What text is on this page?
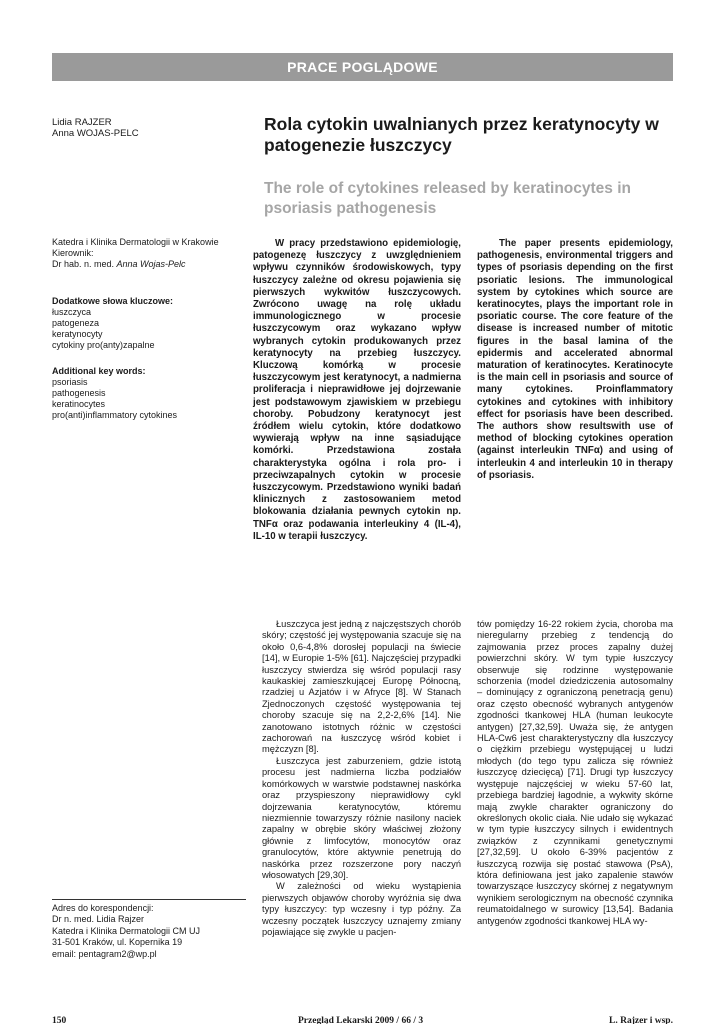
PRACE POGLĄDOWE
Lidia RAJZER
Anna WOJAS-PELC	Rola cytokin uwalnianych przez keratynocyty w patogenezie łuszczycy
The role of cytokines released by keratinocytes in psoriasis pathogenesis
Katedra i Klinika Dermatologii w Krakowie
Kierownik:
Dr hab. n. med. Anna Wojas-Pelc
Dodatkowe słowa kluczowe:
łuszczyca
patogeneza
keratynocyty
cytokiny pro(anty)zapalne
Additional key words:
psoriasis
pathogenesis
keratinocytes
pro(anti)inflammatory cytokines

W pracy przedstawiono epidemiologię, patogenezę łuszczycy z uwzględnieniem wpływu czynników środowiskowych, typy łuszczycy zależne od okresu pojawienia się pierwszych wykwitów łuszczycowych. Zwrócono uwagę na rolę układu immunologicznego w procesie łuszczycowym oraz wykazano wpływ wybranych cytokin produkowanych przez keratynocyty na przebieg łuszczycy. Kluczową komórką w procesie łuszczycowym jest keratynocyt, a nadmierna proliferacja i nieprawidłowe jej dojrzewanie jest podstawowym zjawiskiem w przebiegu choroby. Pobudzony keratynocyt jest źródłem wielu cytokin, które dodatkowo wywierają wpływ na inne sąsiadujące komórki. Przedstawiona została charakterystyka ogólna i rola pro- i przeciwzapalnych cytokin w procesie łuszczycowym. Przedstawiono wyniki badań klinicznych z zastosowaniem metod blokowania działania pewnych cytokin np. TNFα oraz podawania interleukiny 4 (IL-4), IL-10 w terapii łuszczycy.

The paper presents epidemiology, pathogenesis, environmental triggers and types of psoriasis depending on the first psoriatic lesions. The immunological system by cytokines which source are keratinocytes, plays the important role in psoriatic course. The core feature of the disease is increased number of mitotic figures in the basal lamina of the epidermis and accelerated abnormal maturation of keratinocytes. Keratinocyte is the main cell in psoriasis and source of many cytokines. Proinflammatory cytokines and cytokines with inhibitory effect for psoriasis have been described. The authors show resultswith use of method of blocking cytokines operation (against interleukin TNFα) and using of interleukin 4 and interleukin 10 in therapy of psoriasis.

Łuszczyca jest jedną z najczęstszych chorób skóry; częstość jej występowania szacuje się na około 0,6-4,8% dorosłej populacji na świecie [14], w Europie 1-5% [61]. Najczęściej przypadki łuszczycy stwierdza się wśród populacji rasy kaukaskiej zamieszkującej Europę Północną, rzadziej u Azjatów i w Afryce [8]. W Stanach Zjednoczonych częstość występowania tej choroby szacuje się na 2,2-2,6% [14]. Nie zanotowano istotnych różnic w częstości zachorowań na łuszczycę wśród kobiet i mężczyzn [8].

Łuszczyca jest zaburzeniem, gdzie istotą procesu jest nadmierna liczba podziałów komórkowych w warstwie podstawnej naskórka oraz przyspieszony nieprawidłowy cykl dojrzewania keratynocytów, któremu niezmiennie towarzyszy różnie nasilony naciek zapalny w obrębie skóry właściwej złożony głównie z limfocytów, monocytów oraz granulocytów, które aktywnie penetrują do naskórka przez rozszerzone pory naczyń włosowatych [29,30].

W zależności od wieku wystąpienia pierwszych objawów choroby wyróżnia się dwa typy łuszczycy: typ wczesny i typ późny. Za wczesny początek łuszczycy uznajemy zmiany pojawiające się zwykle u pacjen-

tów pomiędzy 16-22 rokiem życia, choroba ma nieregularny przebieg z tendencją do zajmowania przez proces zapalny dużej powierzchni skóry. W tym typie łuszczycy obserwuje się rodzinne występowanie schorzenia (model dziedziczenia autosomalny – dominujący z ograniczoną penetracją genu) oraz często obecność wybranych antygenów zgodności tkankowej HLA (human leukocyte antygen) [27,32,59]. Uważa się, że antygen HLA-Cw6 jest charakterystyczny dla łuszczycy o ciężkim przebiegu występującej u ludzi młodych (do tego typu zalicza się również łuszczycę dziecięcą) [71]. Drugi typ łuszczycy występuje najczęściej w wieku 57-60 lat, przebiega bardziej łagodnie, a wykwity skórne mają zwykle charakter ograniczony do określonych okolic ciała. Nie udało się wykazać w tym typie łuszczycy silnych i ewidentnych związków z czynnikami genetycznymi [27,32,59]. U około 6-39% pacjentów z łuszczycą rozwija się postać stawowa (PsA), która definiowana jest jako zapalenie stawów towarzyszące łuszczycy skórnej z negatywnym wynikiem serologicznym na obecność czynnika reumatoidalnego w surowicy [13,54]. Badania antygenów zgodności tkankowej HLA wy-

Adres do korespondencji:
Dr n. med. Lidia Rajzer
Katedra i Klinika Dermatologii CM UJ
31-501 Kraków, ul. Kopernika 19
email: pentagram2@wp.pl
150	Przegląd Lekarski 2009 / 66 / 3	L. Rajzer i wsp.
